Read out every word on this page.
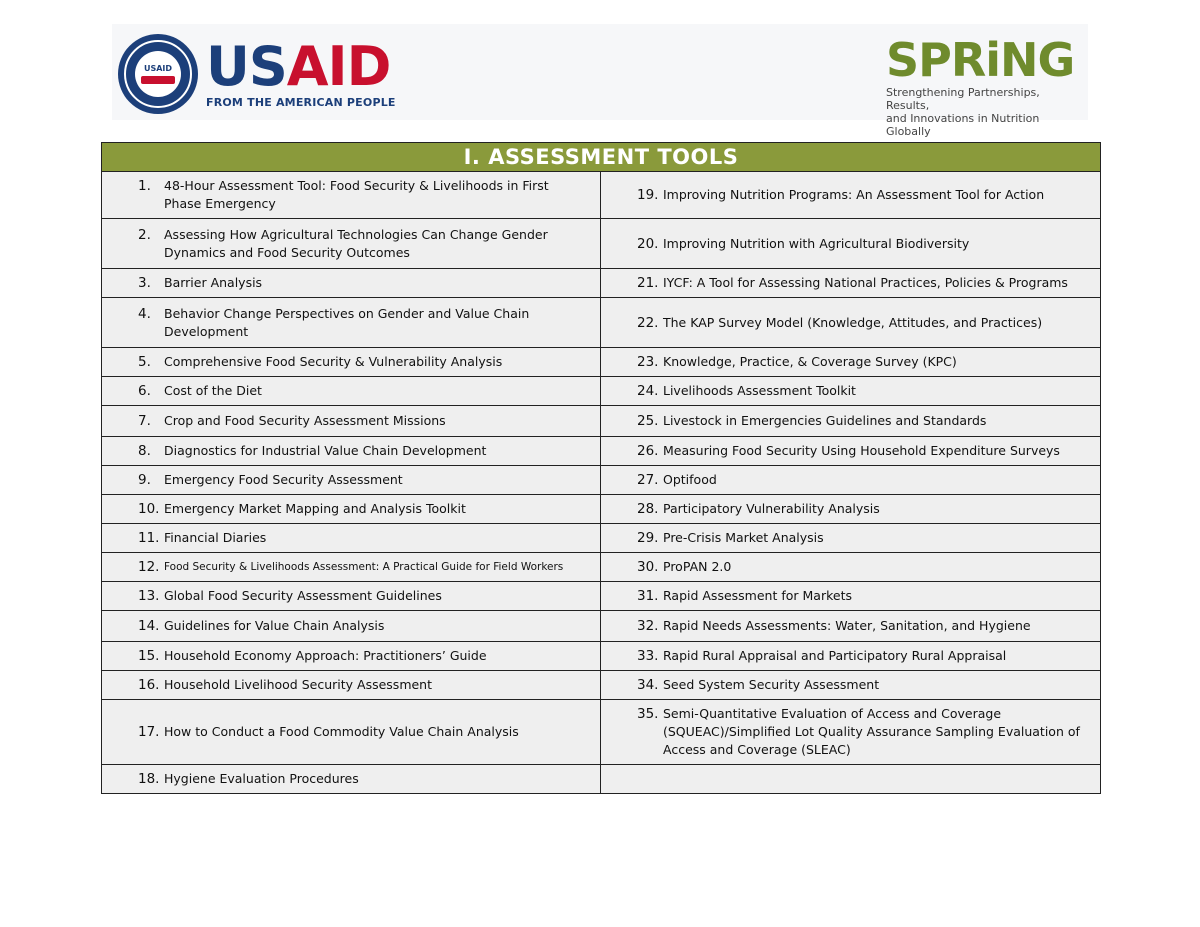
USAID USAID
FROM THE AMERICAN PEOPLE
SPRiNG
Strengthening Partnerships, Results,
and Innovations in Nutrition Globally
I. ASSESSMENT TOOLS	

1. 48-Hour Assessment Tool: Food Security & Livelihoods in First Phase Emergency	19. Improving Nutrition Programs: An Assessment Tool for Action

2. Assessing How Agricultural Technologies Can Change Gender Dynamics and Food Security Outcomes	20. Improving Nutrition with Agricultural Biodiversity

3. Barrier Analysis	21. IYCF: A Tool for Assessing National Practices, Policies & Programs

4. Behavior Change Perspectives on Gender and Value Chain Development	22. The KAP Survey Model (Knowledge, Attitudes, and Practices)

5. Comprehensive Food Security & Vulnerability Analysis	23. Knowledge, Practice, & Coverage Survey (KPC)

6. Cost of the Diet	24. Livelihoods Assessment Toolkit

7. Crop and Food Security Assessment Missions	25. Livestock in Emergencies Guidelines and Standards

8. Diagnostics for Industrial Value Chain Development	26. Measuring Food Security Using Household Expenditure Surveys

9. Emergency Food Security Assessment	27. Optifood

10. Emergency Market Mapping and Analysis Toolkit	28. Participatory Vulnerability Analysis

11. Financial Diaries	29. Pre-Crisis Market Analysis

12. Food Security & Livelihoods Assessment: A Practical Guide for Field Workers	30. ProPAN 2.0

13. Global Food Security Assessment Guidelines	31. Rapid Assessment for Markets

14. Guidelines for Value Chain Analysis	32. Rapid Needs Assessments: Water, Sanitation, and Hygiene

15. Household Economy Approach: Practitioners’ Guide	33. Rapid Rural Appraisal and Participatory Rural Appraisal

16. Household Livelihood Security Assessment	34. Seed System Security Assessment

17. How to Conduct a Food Commodity Value Chain Analysis	35. Semi-Quantitative Evaluation of Access and Coverage (SQUEAC)/Simplified Lot Quality Assurance Sampling Evaluation of Access and Coverage (SLEAC)

18. Hygiene Evaluation Procedures	
